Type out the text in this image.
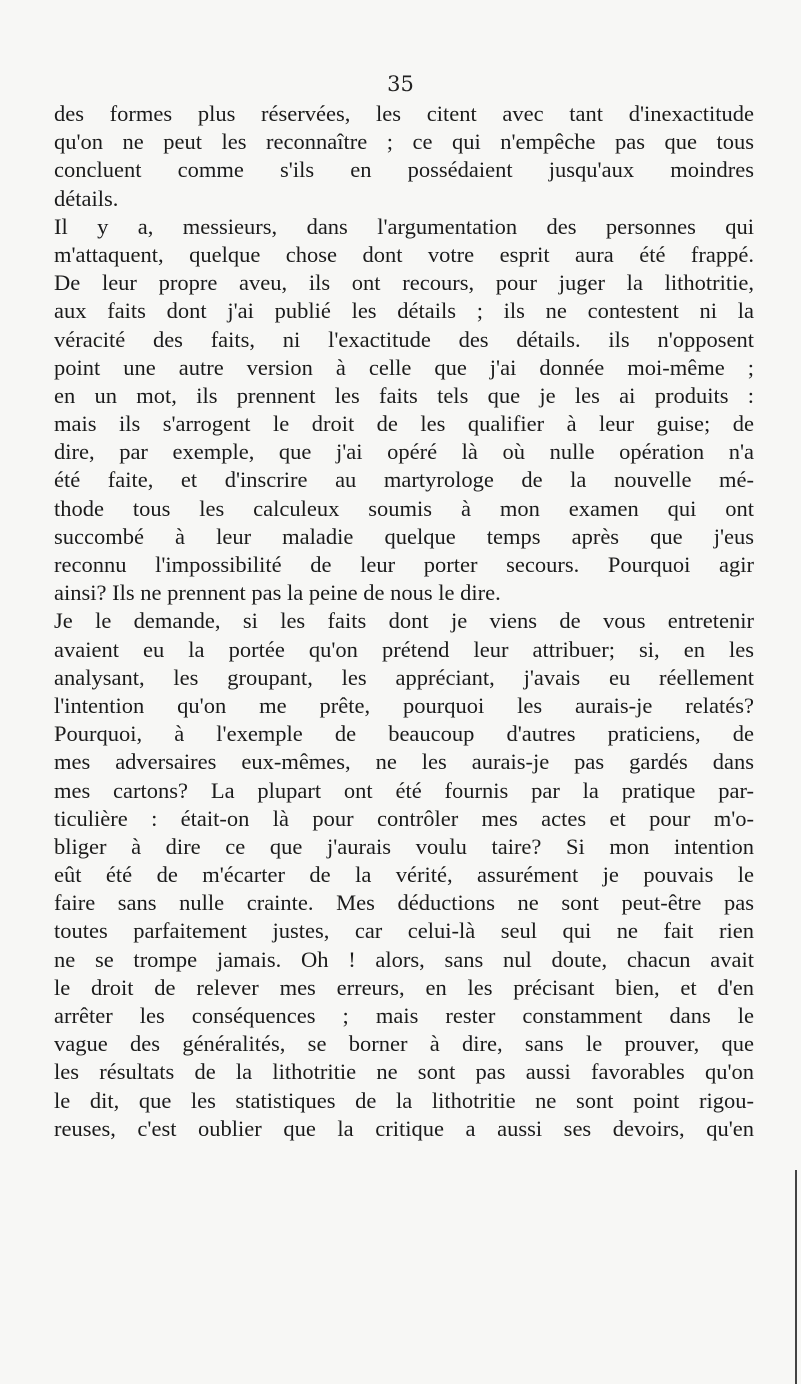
35
des formes plus réservées, les citent avec tant d'inexactitude
qu'on ne peut les reconnaître ; ce qui n'empêche pas que tous
concluent comme s'ils en possédaient jusqu'aux moindres
détails.
Il y a, messieurs, dans l'argumentation des personnes qui
m'attaquent, quelque chose dont votre esprit aura été frappé.
De leur propre aveu, ils ont recours, pour juger la lithotritie,
aux faits dont j'ai publié les détails ; ils ne contestent ni la
véracité des faits, ni l'exactitude des détails. ils n'opposent
point une autre version à celle que j'ai donnée moi-même ;
en un mot, ils prennent les faits tels que je les ai produits :
mais ils s'arrogent le droit de les qualifier à leur guise; de
dire, par exemple, que j'ai opéré là où nulle opération n'a
été faite, et d'inscrire au martyrologe de la nouvelle mé-
thode tous les calculeux soumis à mon examen qui ont
succombé à leur maladie quelque temps après que j'eus
reconnu l'impossibilité de leur porter secours. Pourquoi agir
ainsi? Ils ne prennent pas la peine de nous le dire.
Je le demande, si les faits dont je viens de vous entretenir
avaient eu la portée qu'on prétend leur attribuer; si, en les
analysant, les groupant, les appréciant, j'avais eu réellement
l'intention qu'on me prête, pourquoi les aurais-je relatés?
Pourquoi, à l'exemple de beaucoup d'autres praticiens, de
mes adversaires eux-mêmes, ne les aurais-je pas gardés dans
mes cartons? La plupart ont été fournis par la pratique par-
ticulière : était-on là pour contrôler mes actes et pour m'o-
bliger à dire ce que j'aurais voulu taire? Si mon intention
eût été de m'écarter de la vérité, assurément je pouvais le
faire sans nulle crainte. Mes déductions ne sont peut-être pas
toutes parfaitement justes, car celui-là seul qui ne fait rien
ne se trompe jamais. Oh ! alors, sans nul doute, chacun avait
le droit de relever mes erreurs, en les précisant bien, et d'en
arrêter les conséquences ; mais rester constamment dans le
vague des généralités, se borner à dire, sans le prouver, que
les résultats de la lithotritie ne sont pas aussi favorables qu'on
le dit, que les statistiques de la lithotritie ne sont point rigou-
reuses, c'est oublier que la critique a aussi ses devoirs, qu'en
